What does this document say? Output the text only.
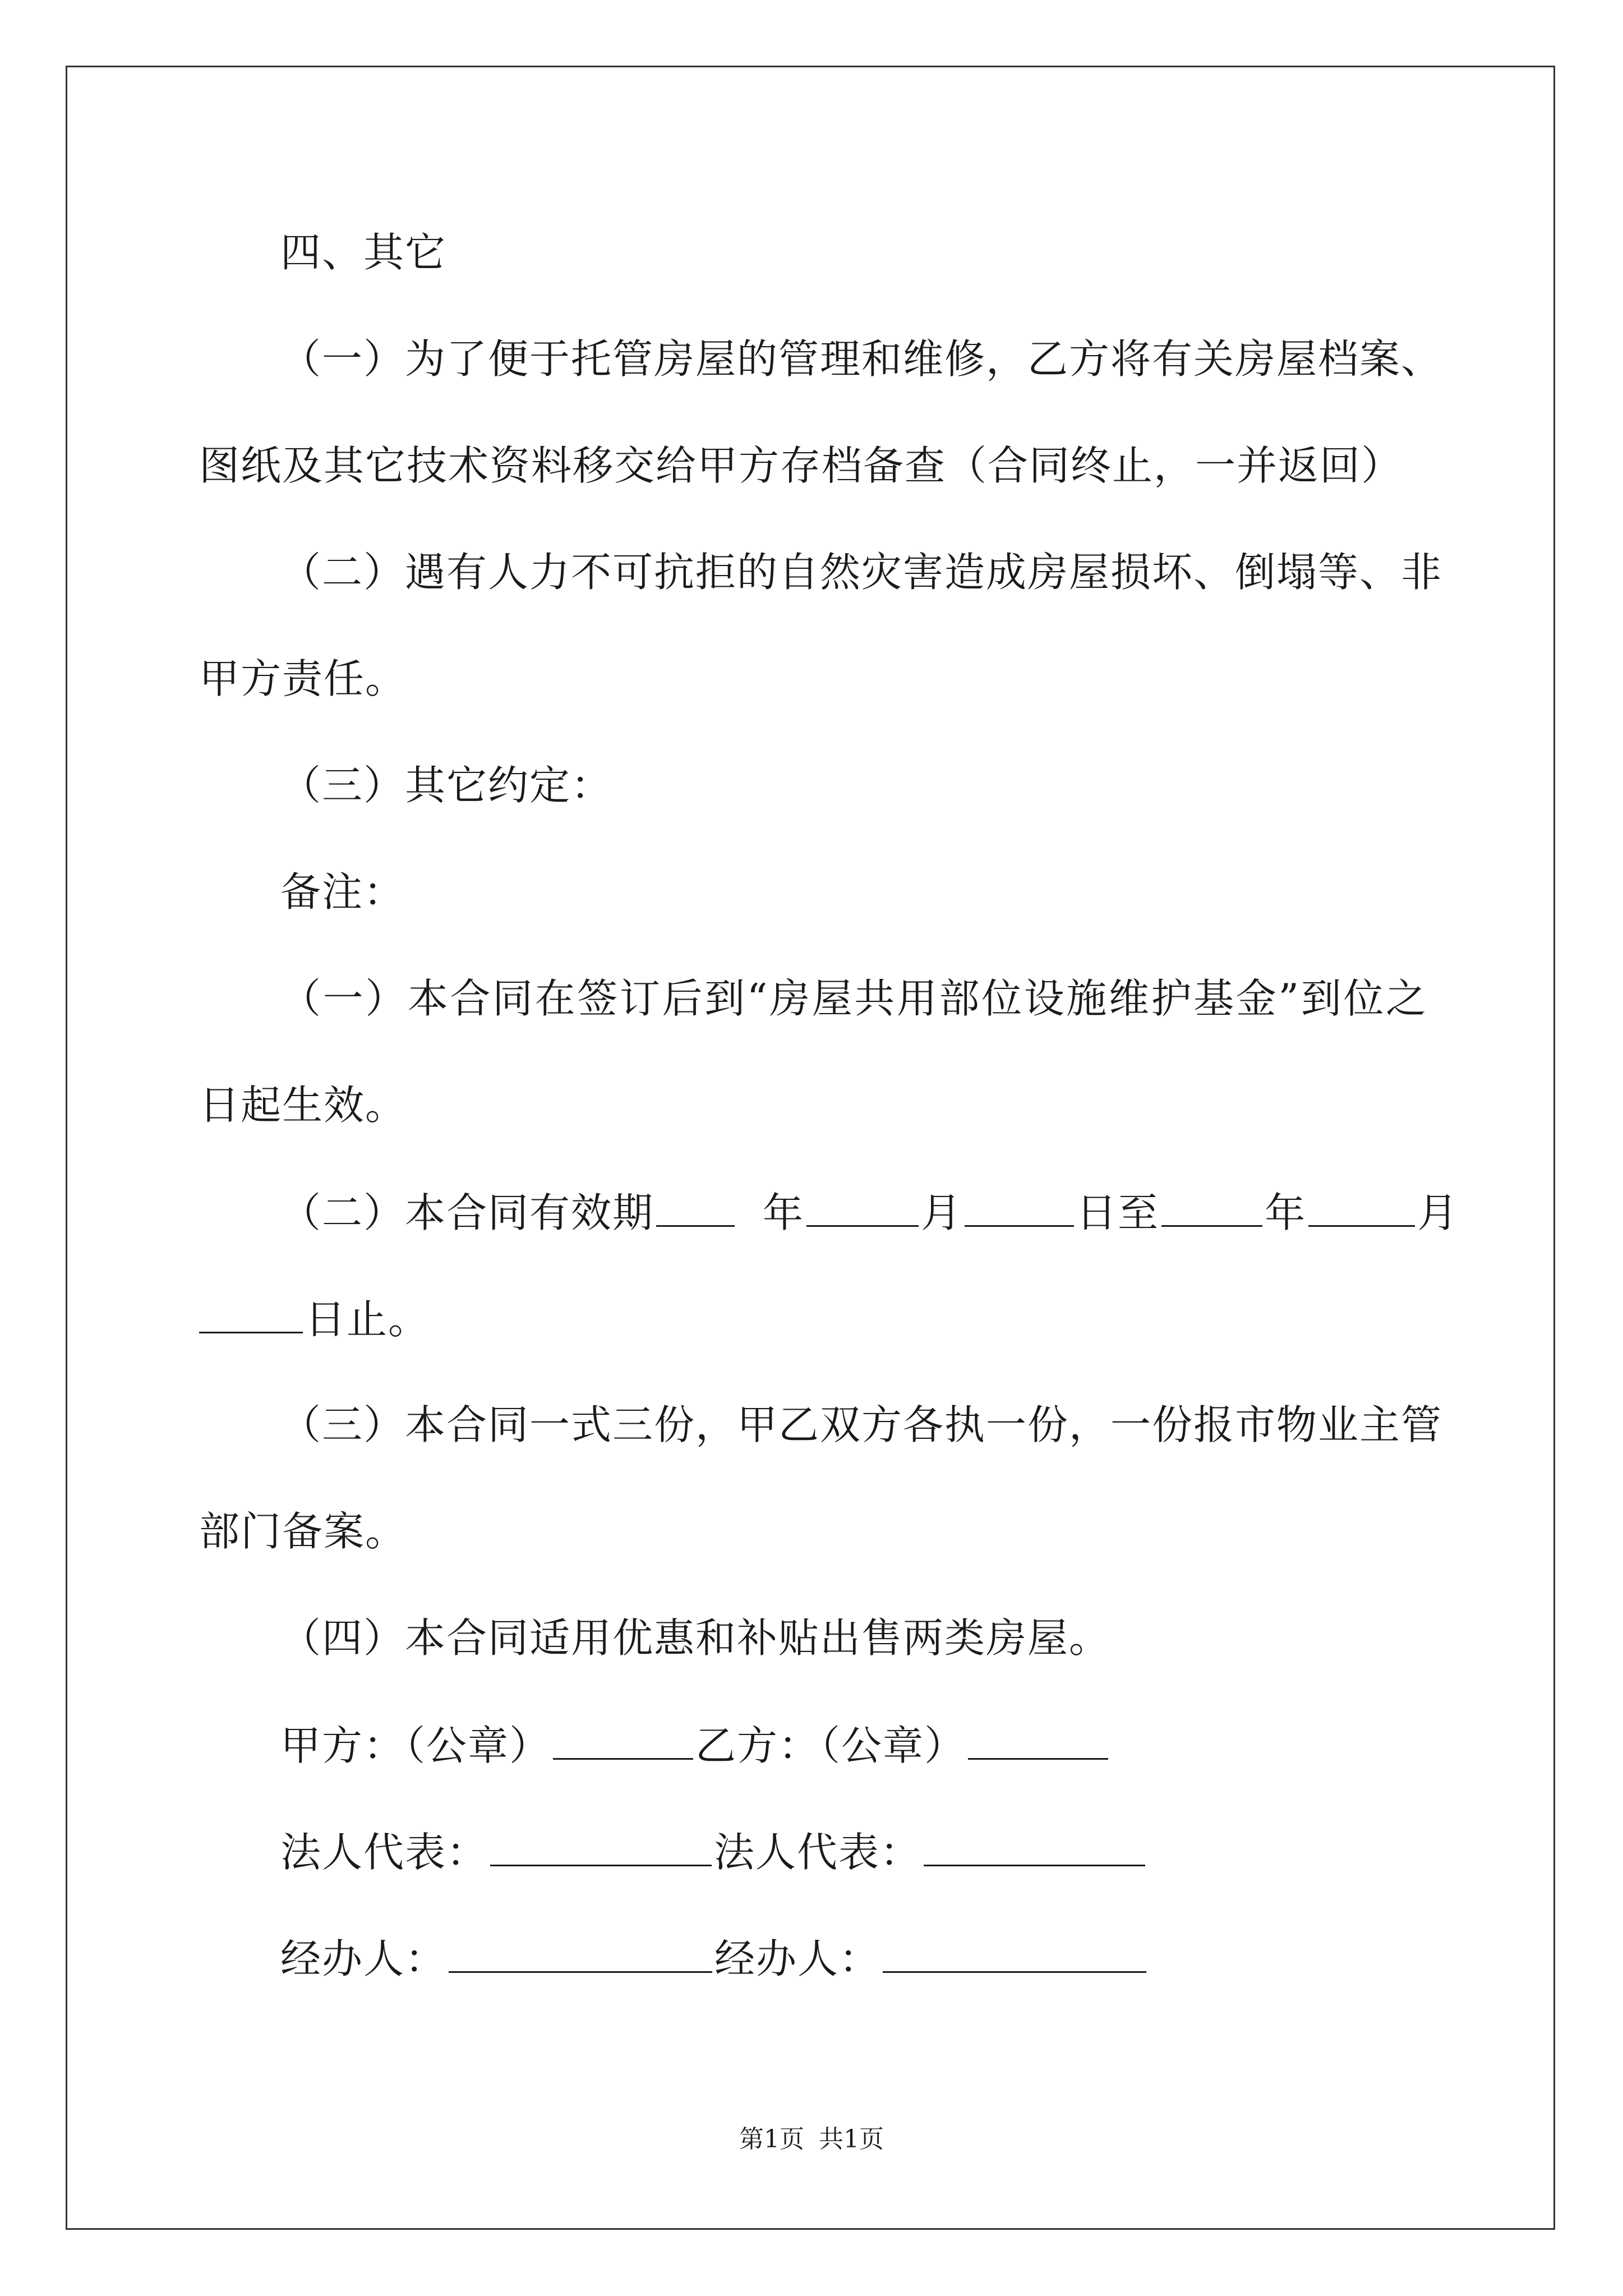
四、其它
（一）为了便于托管房屋的管理和维修，乙方将有关房屋档案、
图纸及其它技术资料移交给甲方存档备查（合同终止，一并返回）
（二）遇有人力不可抗拒的自然灾害造成房屋损坏、倒塌等、非
甲方责任。
（三）其它约定：
备注：
（一）本合同在签订后到“房屋共用部位设施维护基金”到位之
日起生效。
（二）本合同有效期	年	月	日至	年	月
日止。
（三）本合同一式三份，甲乙双方各执一份，一份报市物业主管
部门备案。
（四）本合同适用优惠和补贴出售两类房屋。
甲方：（公章）	乙方：（公章）
法人代表：	法人代表：
经办人：	经办人：
第1页 共1页
